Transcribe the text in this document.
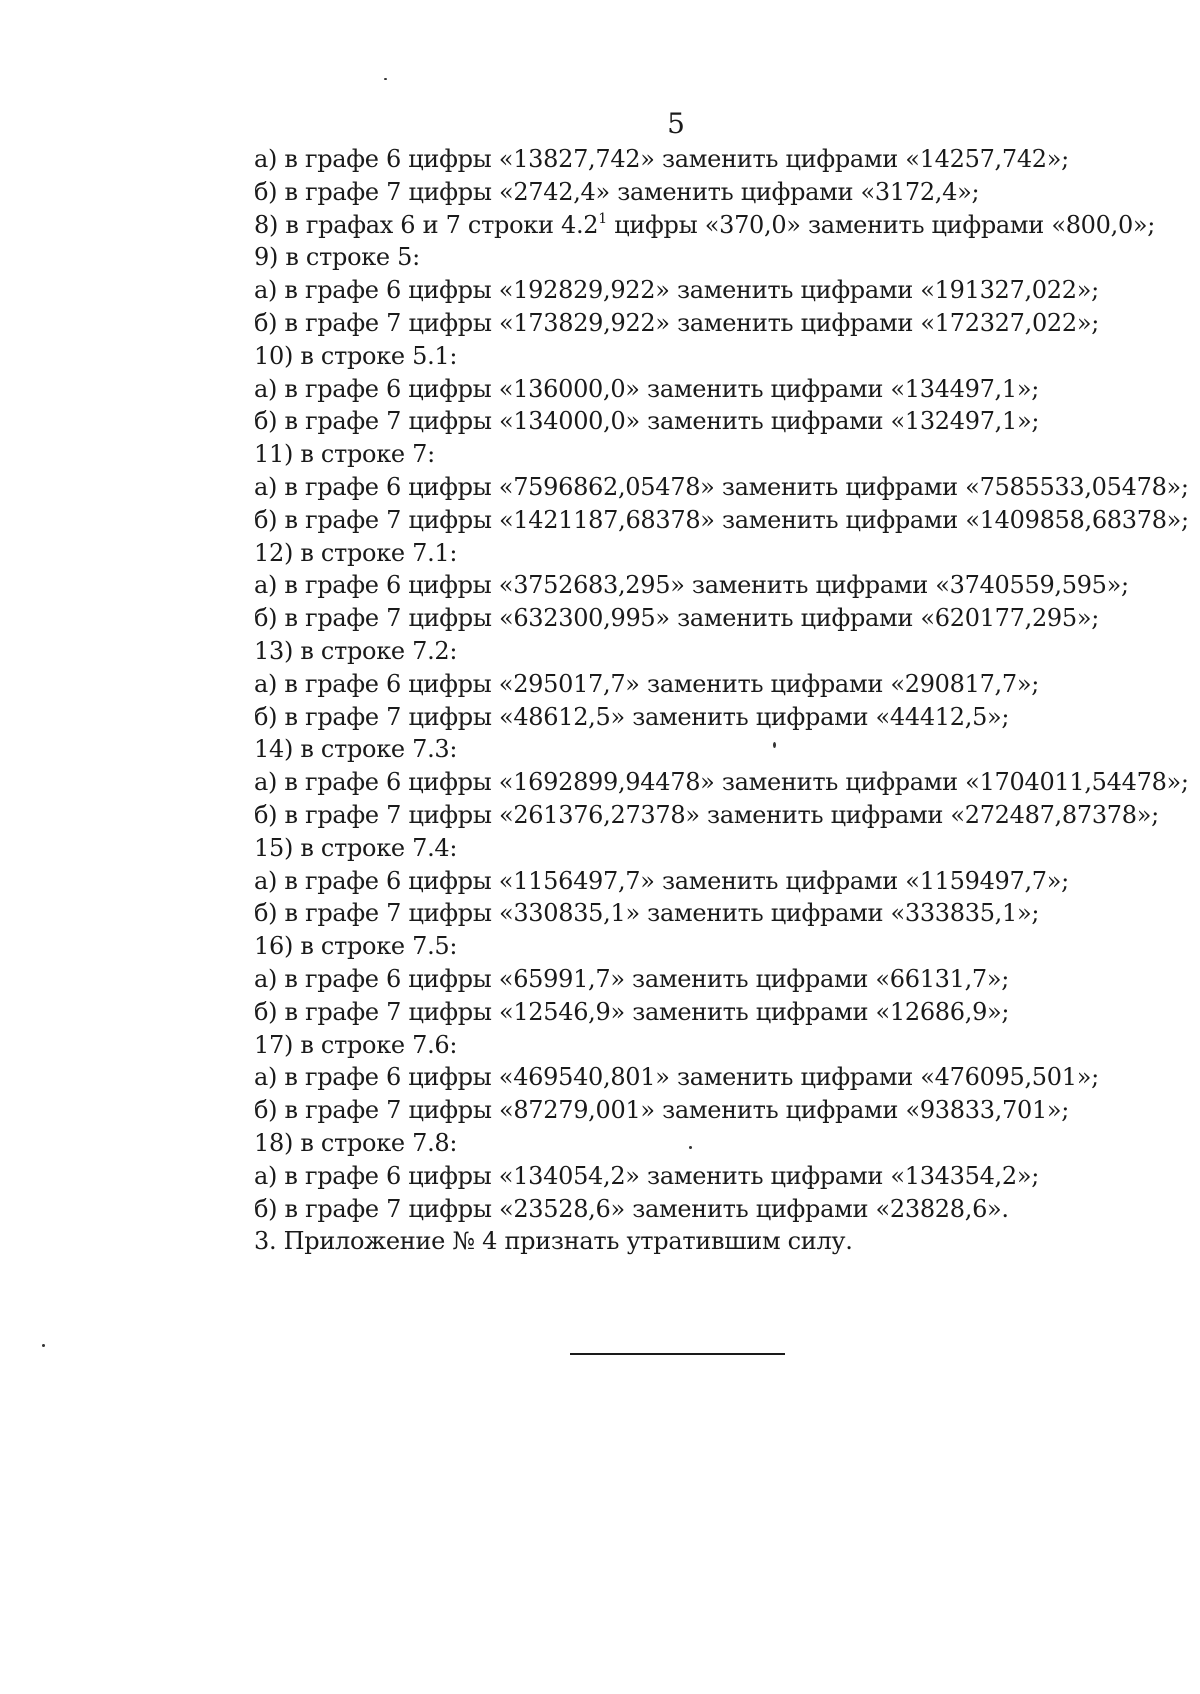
5
а) в графе 6 цифры «13827,742» заменить цифрами «14257,742»;
б) в графе 7 цифры «2742,4» заменить цифрами «3172,4»;
8) в графах 6 и 7 строки $4.2^1$ цифры «370,0» заменить цифрами «800,0»;
9) в строке 5:
а) в графе 6 цифры «192829,922» заменить цифрами «191327,022»;
б) в графе 7 цифры «173829,922» заменить цифрами «172327,022»;
10) в строке 5.1:
а) в графе 6 цифры «136000,0» заменить цифрами «134497,1»;
б) в графе 7 цифры «134000,0» заменить цифрами «132497,1»;
11) в строке 7:
а) в графе 6 цифры «7596862,05478» заменить цифрами «7585533,05478»;
б) в графе 7 цифры «1421187,68378» заменить цифрами «1409858,68378»;
12) в строке 7.1:
а) в графе 6 цифры «3752683,295» заменить цифрами «3740559,595»;
б) в графе 7 цифры «632300,995» заменить цифрами «620177,295»;
13) в строке 7.2:
а) в графе 6 цифры «295017,7» заменить цифрами «290817,7»;
б) в графе 7 цифры «48612,5» заменить цифрами «44412,5»;
14) в строке 7.3:
а) в графе 6 цифры «1692899,94478» заменить цифрами «1704011,54478»;
б) в графе 7 цифры «261376,27378» заменить цифрами «272487,87378»;
15) в строке 7.4:
а) в графе 6 цифры «1156497,7» заменить цифрами «1159497,7»;
б) в графе 7 цифры «330835,1» заменить цифрами «333835,1»;
16) в строке 7.5:
а) в графе 6 цифры «65991,7» заменить цифрами «66131,7»;
б) в графе 7 цифры «12546,9» заменить цифрами «12686,9»;
17) в строке 7.6:
а) в графе 6 цифры «469540,801» заменить цифрами «476095,501»;
б) в графе 7 цифры «87279,001» заменить цифрами «93833,701»;
18) в строке 7.8:
а) в графе 6 цифры «134054,2» заменить цифрами «134354,2»;
б) в графе 7 цифры «23528,6» заменить цифрами «23828,6».
3. Приложение № 4 признать утратившим силу.
